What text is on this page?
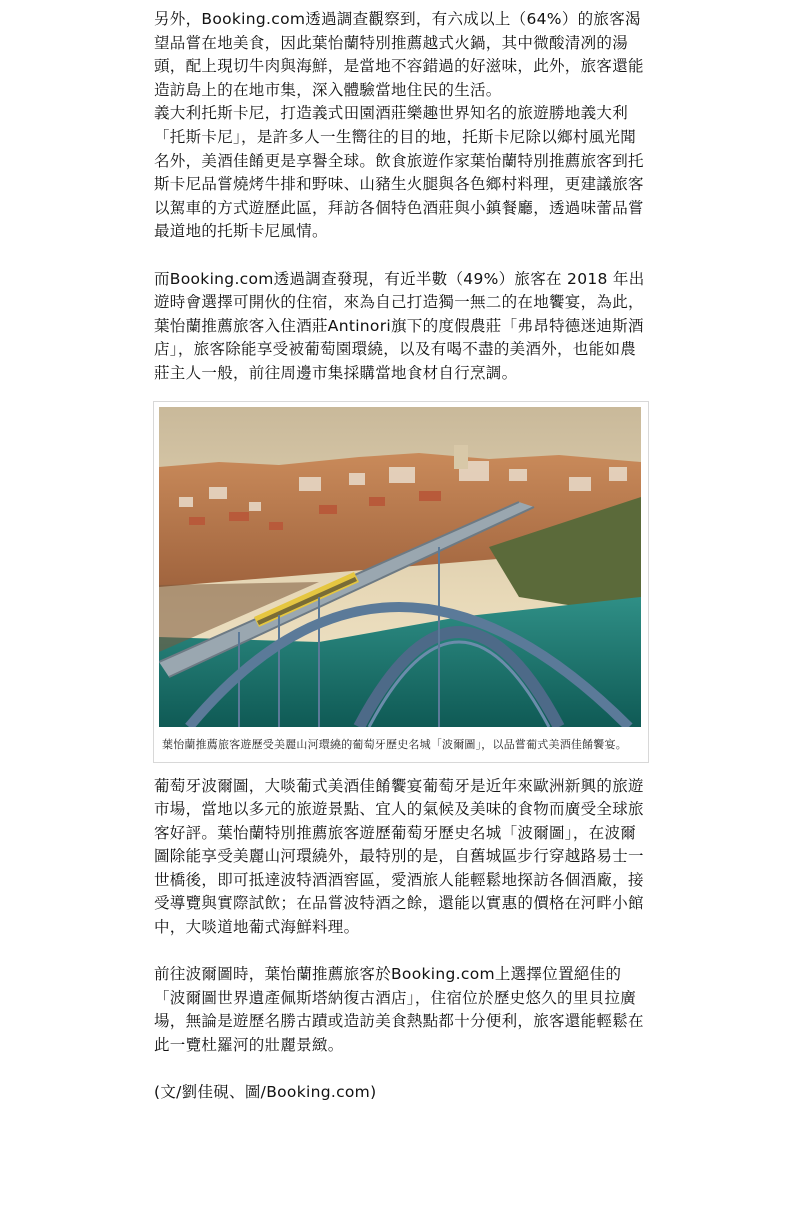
另外，Booking.com透過調查觀察到，有六成以上（64%）的旅客渴望品嘗在地美食，因此葉怡蘭特別推薦越式火鍋，其中微酸清冽的湯頭，配上現切牛肉與海鮮，是當地不容錯過的好滋味，此外，旅客還能造訪島上的在地市集，深入體驗當地住民的生活。

義大利托斯卡尼，打造義式田園酒莊樂趣世界知名的旅遊勝地義大利「托斯卡尼」，是許多人一生嚮往的目的地，托斯卡尼除以鄉村風光聞名外，美酒佳餚更是享譽全球。飲食旅遊作家葉怡蘭特別推薦旅客到托斯卡尼品嘗燒烤牛排和野味、山豬生火腿與各色鄉村料理，更建議旅客以駕車的方式遊歷此區，拜訪各個特色酒莊與小鎮餐廳，透過味蕾品嘗最道地的托斯卡尼風情。

而Booking.com透過調查發現，有近半數（49%）旅客在 2018 年出遊時會選擇可開伙的住宿，來為自己打造獨一無二的在地饗宴，為此，葉怡蘭推薦旅客入住酒莊Antinori旗下的度假農莊「弗昂特德迷迪斯酒店」，旅客除能享受被葡萄園環繞，以及有喝不盡的美酒外，也能如農莊主人一般，前往周邊市集採購當地食材自行烹調。

葉怡蘭推薦旅客遊歷受美麗山河環繞的葡萄牙歷史名城「波爾圖」，以品嘗葡式美酒佳餚饗宴。

葡萄牙波爾圖，大啖葡式美酒佳餚饗宴葡萄牙是近年來歐洲新興的旅遊市場，當地以多元的旅遊景點、宜人的氣候及美味的食物而廣受全球旅客好評。葉怡蘭特別推薦旅客遊歷葡萄牙歷史名城「波爾圖」，在波爾圖除能享受美麗山河環繞外，最特別的是，自舊城區步行穿越路易士一世橋後，即可抵達波特酒酒窖區，愛酒旅人能輕鬆地探訪各個酒廠，接受導覽與實際試飲；在品嘗波特酒之餘，還能以實惠的價格在河畔小館中，大啖道地葡式海鮮料理。

前往波爾圖時，葉怡蘭推薦旅客於Booking.com上選擇位置絕佳的「波爾圖世界遺產佩斯塔納復古酒店」，住宿位於歷史悠久的里貝拉廣場，無論是遊歷名勝古蹟或造訪美食熱點都十分便利，旅客還能輕鬆在此一覽杜羅河的壯麗景緻。

(文/劉佳硯、圖/Booking.com)
